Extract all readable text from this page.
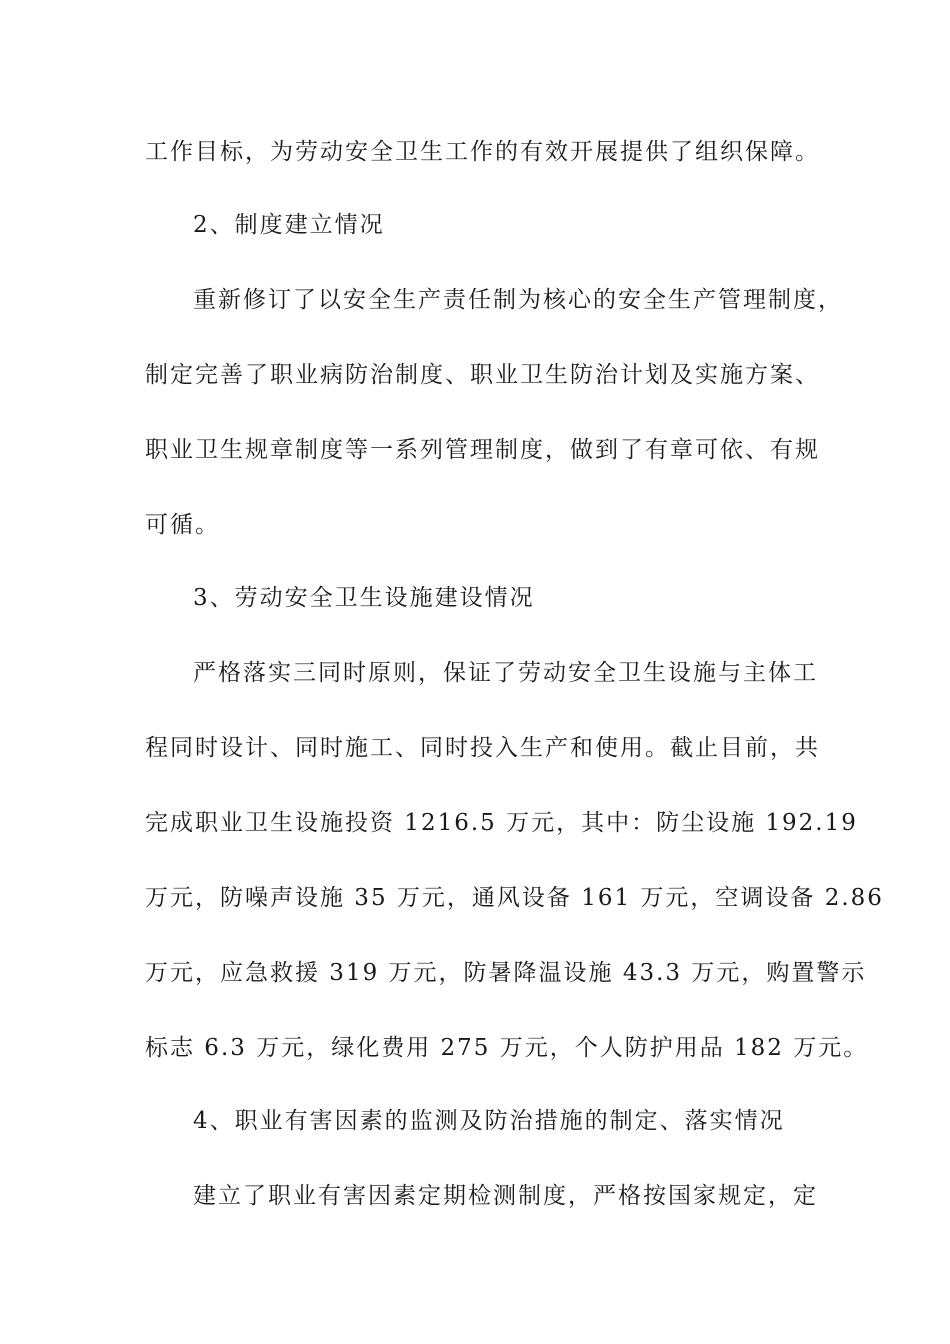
工作目标，为劳动安全卫生工作的有效开展提供了组织保障。
2、制度建立情况
重新修订了以安全生产责任制为核心的安全生产管理制度，
制定完善了职业病防治制度、职业卫生防治计划及实施方案、
职业卫生规章制度等一系列管理制度，做到了有章可依、有规
可循。
3、劳动安全卫生设施建设情况
严格落实三同时原则，保证了劳动安全卫生设施与主体工
程同时设计、同时施工、同时投入生产和使用。截止目前，共
完成职业卫生设施投资 1216.5 万元，其中：防尘设施 192.19
万元，防噪声设施 35 万元，通风设备 161 万元，空调设备 2.86
万元，应急救援 319 万元，防暑降温设施 43.3 万元，购置警示
标志 6.3 万元，绿化费用 275 万元，个人防护用品 182 万元。
4、职业有害因素的监测及防治措施的制定、落实情况
建立了职业有害因素定期检测制度，严格按国家规定，定
